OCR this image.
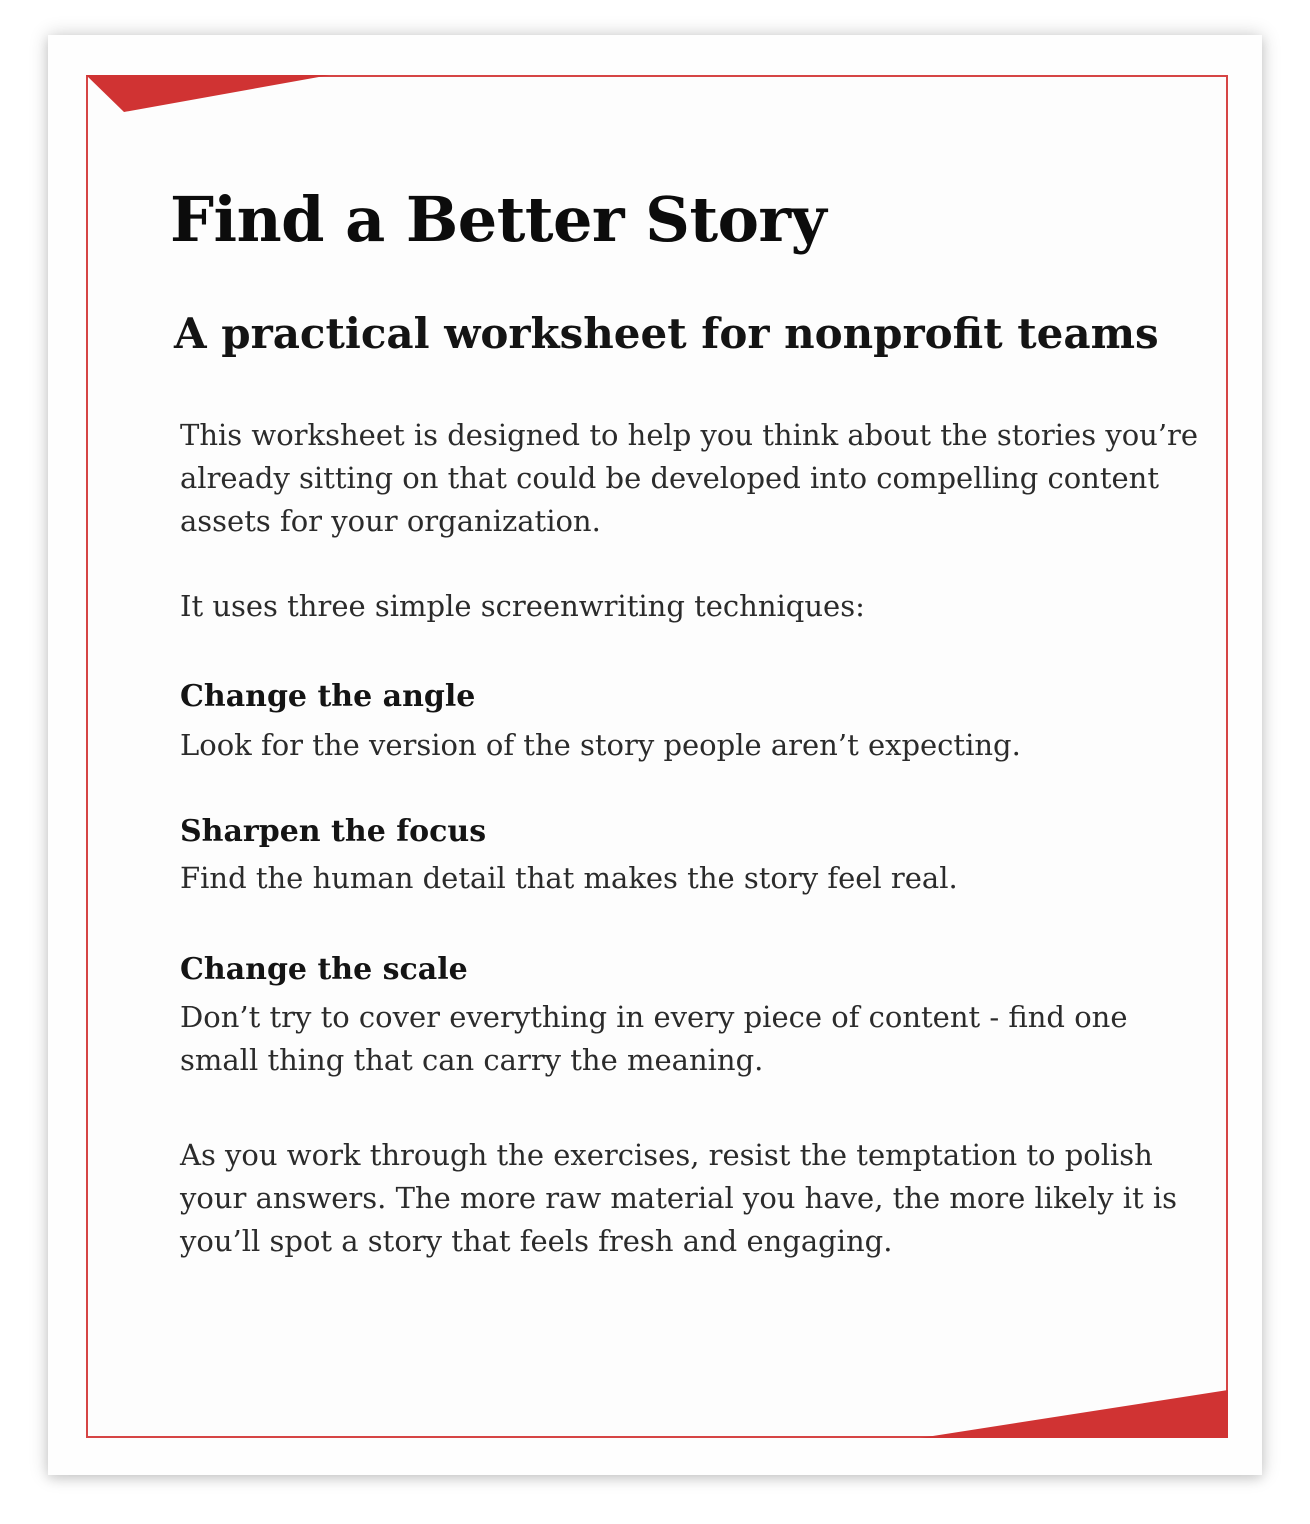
Find a Better Story
A practical worksheet for nonprofit teams

This worksheet is designed to help you think about the stories you’re already sitting on that could be developed into compelling content assets for your organization.

It uses three simple screenwriting techniques:

Change the angle

Look for the version of the story people aren’t expecting.

Sharpen the focus

Find the human detail that makes the story feel real.

Change the scale

Don’t try to cover everything in every piece of content - find one small thing that can carry the meaning.

As you work through the exercises, resist the temptation to polish your answers. The more raw material you have, the more likely it is you’ll spot a story that feels fresh and engaging.
